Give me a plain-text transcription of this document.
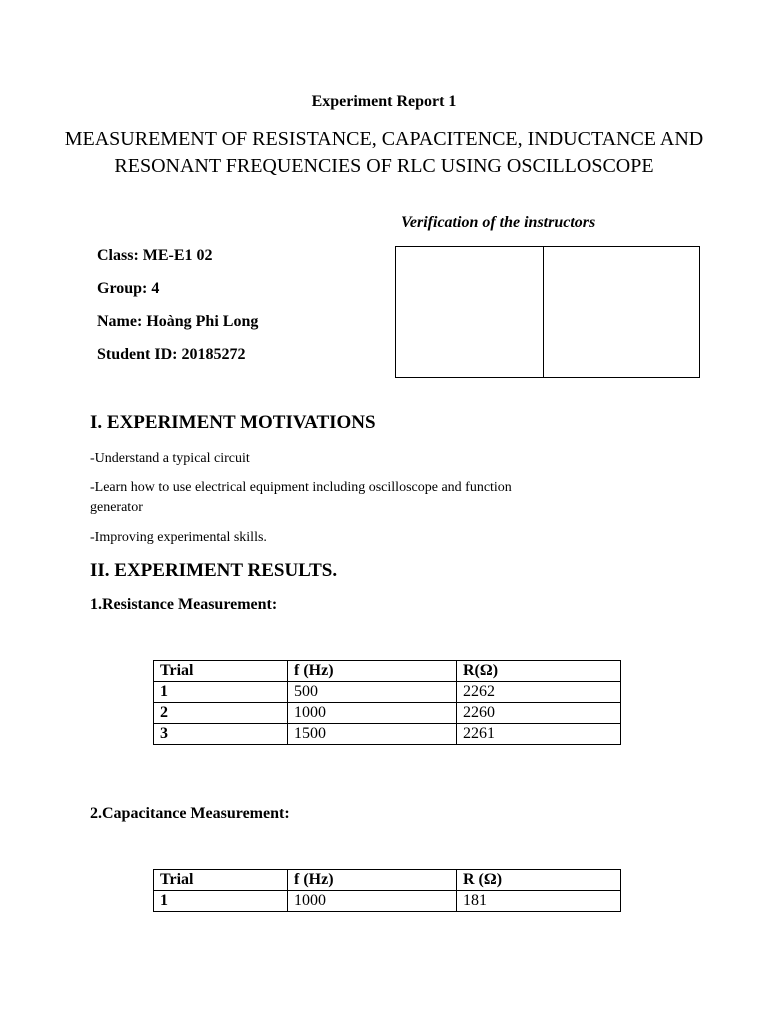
Experiment Report 1
MEASUREMENT OF RESISTANCE, CAPACITENCE, INDUCTANCE AND RESONANT FREQUENCIES OF RLC USING OSCILLOSCOPE
Verification of the instructors
Class: ME-E1 02
Group: 4
Name: Hoàng Phi Long
Student ID: 20185272
I. EXPERIMENT MOTIVATIONS
-Understand a typical circuit
-Learn how to use electrical equipment including oscilloscope and function generator
-Improving experimental skills.
II. EXPERIMENT RESULTS.
1.Resistance Measurement:
Trial	f (Hz)	R(Ω)
1	500	2262
2	1000	2260
3	1500	2261
2.Capacitance Measurement:
Trial	f (Hz)	R (Ω)
1	1000	181
